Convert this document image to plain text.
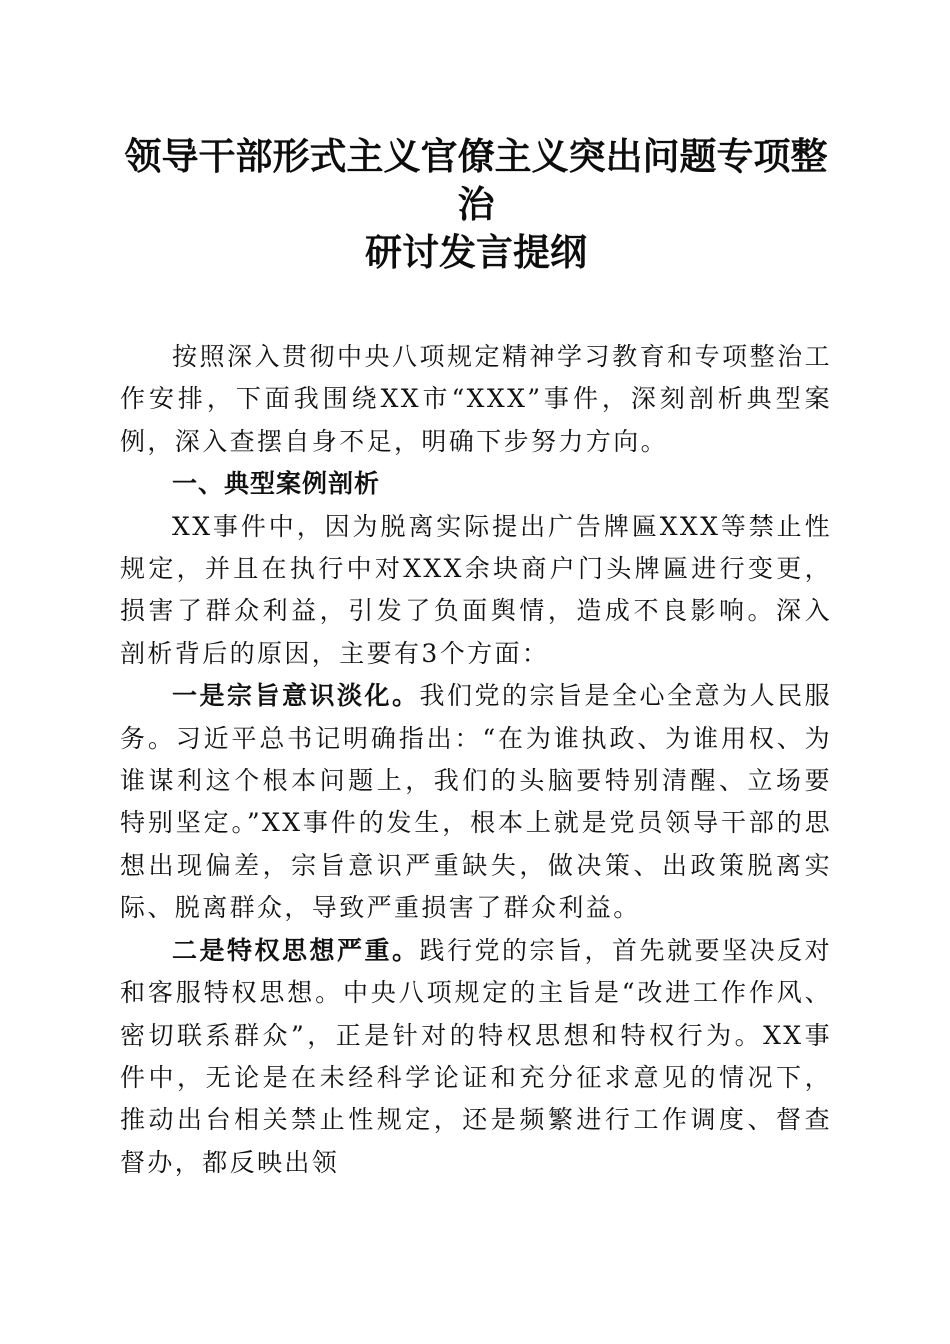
领导干部形式主义官僚主义突出问题专项整治
研讨发言提纲

按照深入贯彻中央八项规定精神学习教育和专项整治工作安排，下面我围绕XX市“XXX”事件，深刻剖析典型案例，深入查摆自身不足，明确下步努力方向。

一、典型案例剖析

XX事件中，因为脱离实际提出广告牌匾XXX等禁止性规定，并且在执行中对XXX余块商户门头牌匾进行变更，损害了群众利益，引发了负面舆情，造成不良影响。深入剖析背后的原因，主要有3个方面：

一是宗旨意识淡化。我们党的宗旨是全心全意为人民服务。习近平总书记明确指出：“在为谁执政、为谁用权、为谁谋利这个根本问题上，我们的头脑要特别清醒、立场要特别坚定。”XX事件的发生，根本上就是党员领导干部的思想出现偏差，宗旨意识严重缺失，做决策、出政策脱离实际、脱离群众，导致严重损害了群众利益。

二是特权思想严重。践行党的宗旨，首先就要坚决反对和客服特权思想。中央八项规定的主旨是“改进工作作风、密切联系群众”，正是针对的特权思想和特权行为。XX事件中，无论是在未经科学论证和充分征求意见的情况下，推动出台相关禁止性规定，还是频繁进行工作调度、督查督办，都反映出领
